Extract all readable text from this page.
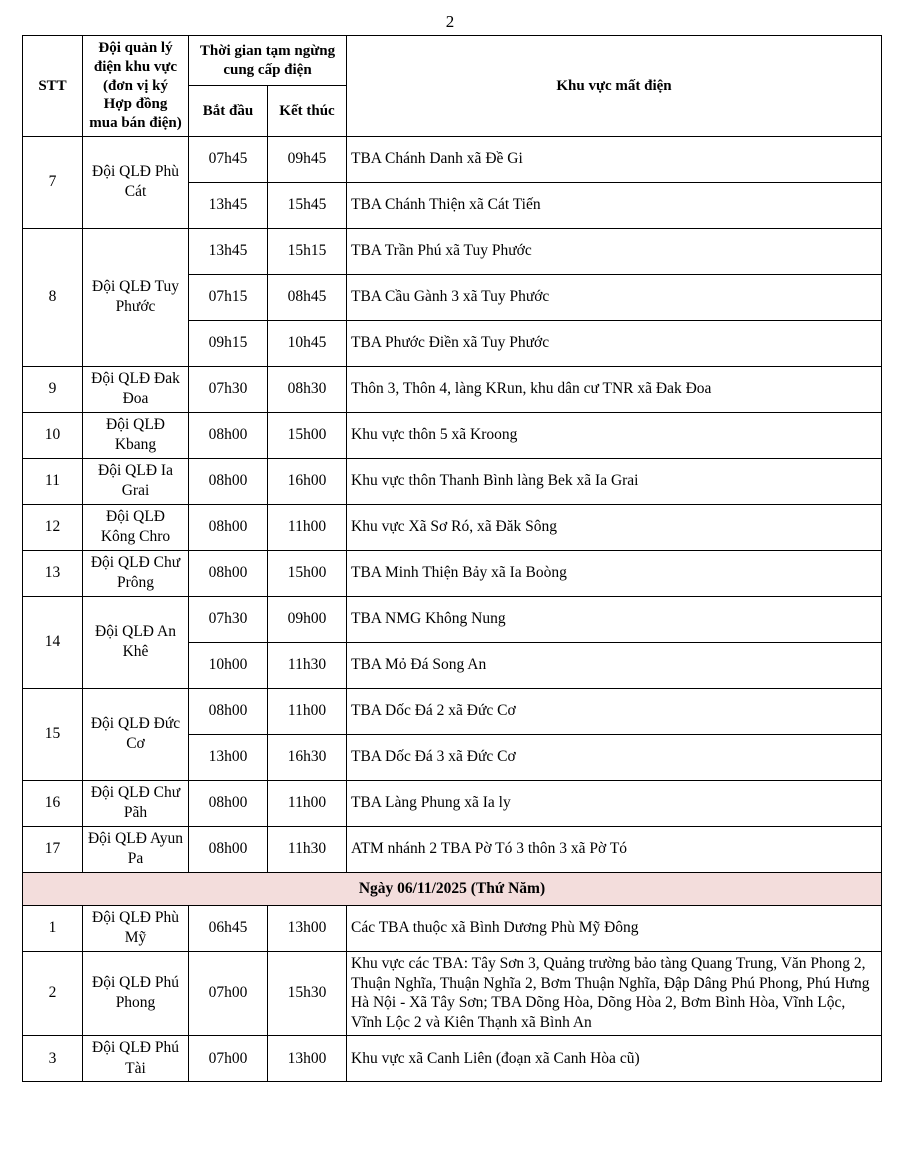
2
STT	Đội quản lý điện khu vực (đơn vị ký Hợp đồng mua bán điện)	Thời gian tạm ngừng cung cấp điện		Khu vực mất điện
		Bắt đầu	Kết thúc	
7	Đội QLĐ Phù Cát	07h45	09h45	TBA Chánh Danh xã Đề Gi
		13h45	15h45	TBA Chánh Thiện xã Cát Tiến
8	Đội QLĐ Tuy Phước	13h45	15h15	TBA Trần Phú xã Tuy Phước
		07h15	08h45	TBA Cầu Gành 3 xã Tuy Phước
		09h15	10h45	TBA Phước Điền xã Tuy Phước
9	Đội QLĐ Đak Đoa	07h30	08h30	Thôn 3, Thôn 4, làng KRun, khu dân cư TNR xã Đak Đoa
10	Đội QLĐ Kbang	08h00	15h00	Khu vực thôn 5 xã Kroong
11	Đội QLĐ Ia Grai	08h00	16h00	Khu vực thôn Thanh Bình làng Bek xã Ia Grai
12	Đội QLĐ Kông Chro	08h00	11h00	Khu vực Xã Sơ Ró, xã Đăk Sông
13	Đội QLĐ Chư Prông	08h00	15h00	TBA Minh Thiện Bảy xã Ia Boòng
14	Đội QLĐ An Khê	07h30	09h00	TBA NMG Không Nung
		10h00	11h30	TBA Mỏ Đá Song An
15	Đội QLĐ Đức Cơ	08h00	11h00	TBA Dốc Đá 2 xã Đức Cơ
		13h00	16h30	TBA Dốc Đá 3 xã Đức Cơ
16	Đội QLĐ Chư Pãh	08h00	11h00	TBA Làng Phung xã Ia ly
17	Đội QLĐ Ayun Pa	08h00	11h30	ATM nhánh 2 TBA Pờ Tó 3 thôn 3 xã Pờ Tó
Ngày 06/11/2025 (Thứ Năm)				
1	Đội QLĐ Phù Mỹ	06h45	13h00	Các TBA thuộc xã Bình Dương Phù Mỹ Đông
2	Đội QLĐ Phú Phong	07h00	15h30	Khu vực các TBA: Tây Sơn 3, Quảng trường bảo tàng Quang Trung, Văn Phong 2, Thuận Nghĩa, Thuận Nghĩa 2, Bơm Thuận Nghĩa, Đập Dâng Phú Phong, Phú Hưng Hà Nội - Xã Tây Sơn; TBA Dõng Hòa, Dõng Hòa 2, Bơm Bình Hòa, Vĩnh Lộc, Vĩnh Lộc 2 và Kiên Thạnh xã Bình An
3	Đội QLĐ Phú Tài	07h00	13h00	Khu vực xã Canh Liên (đoạn xã Canh Hòa cũ)
